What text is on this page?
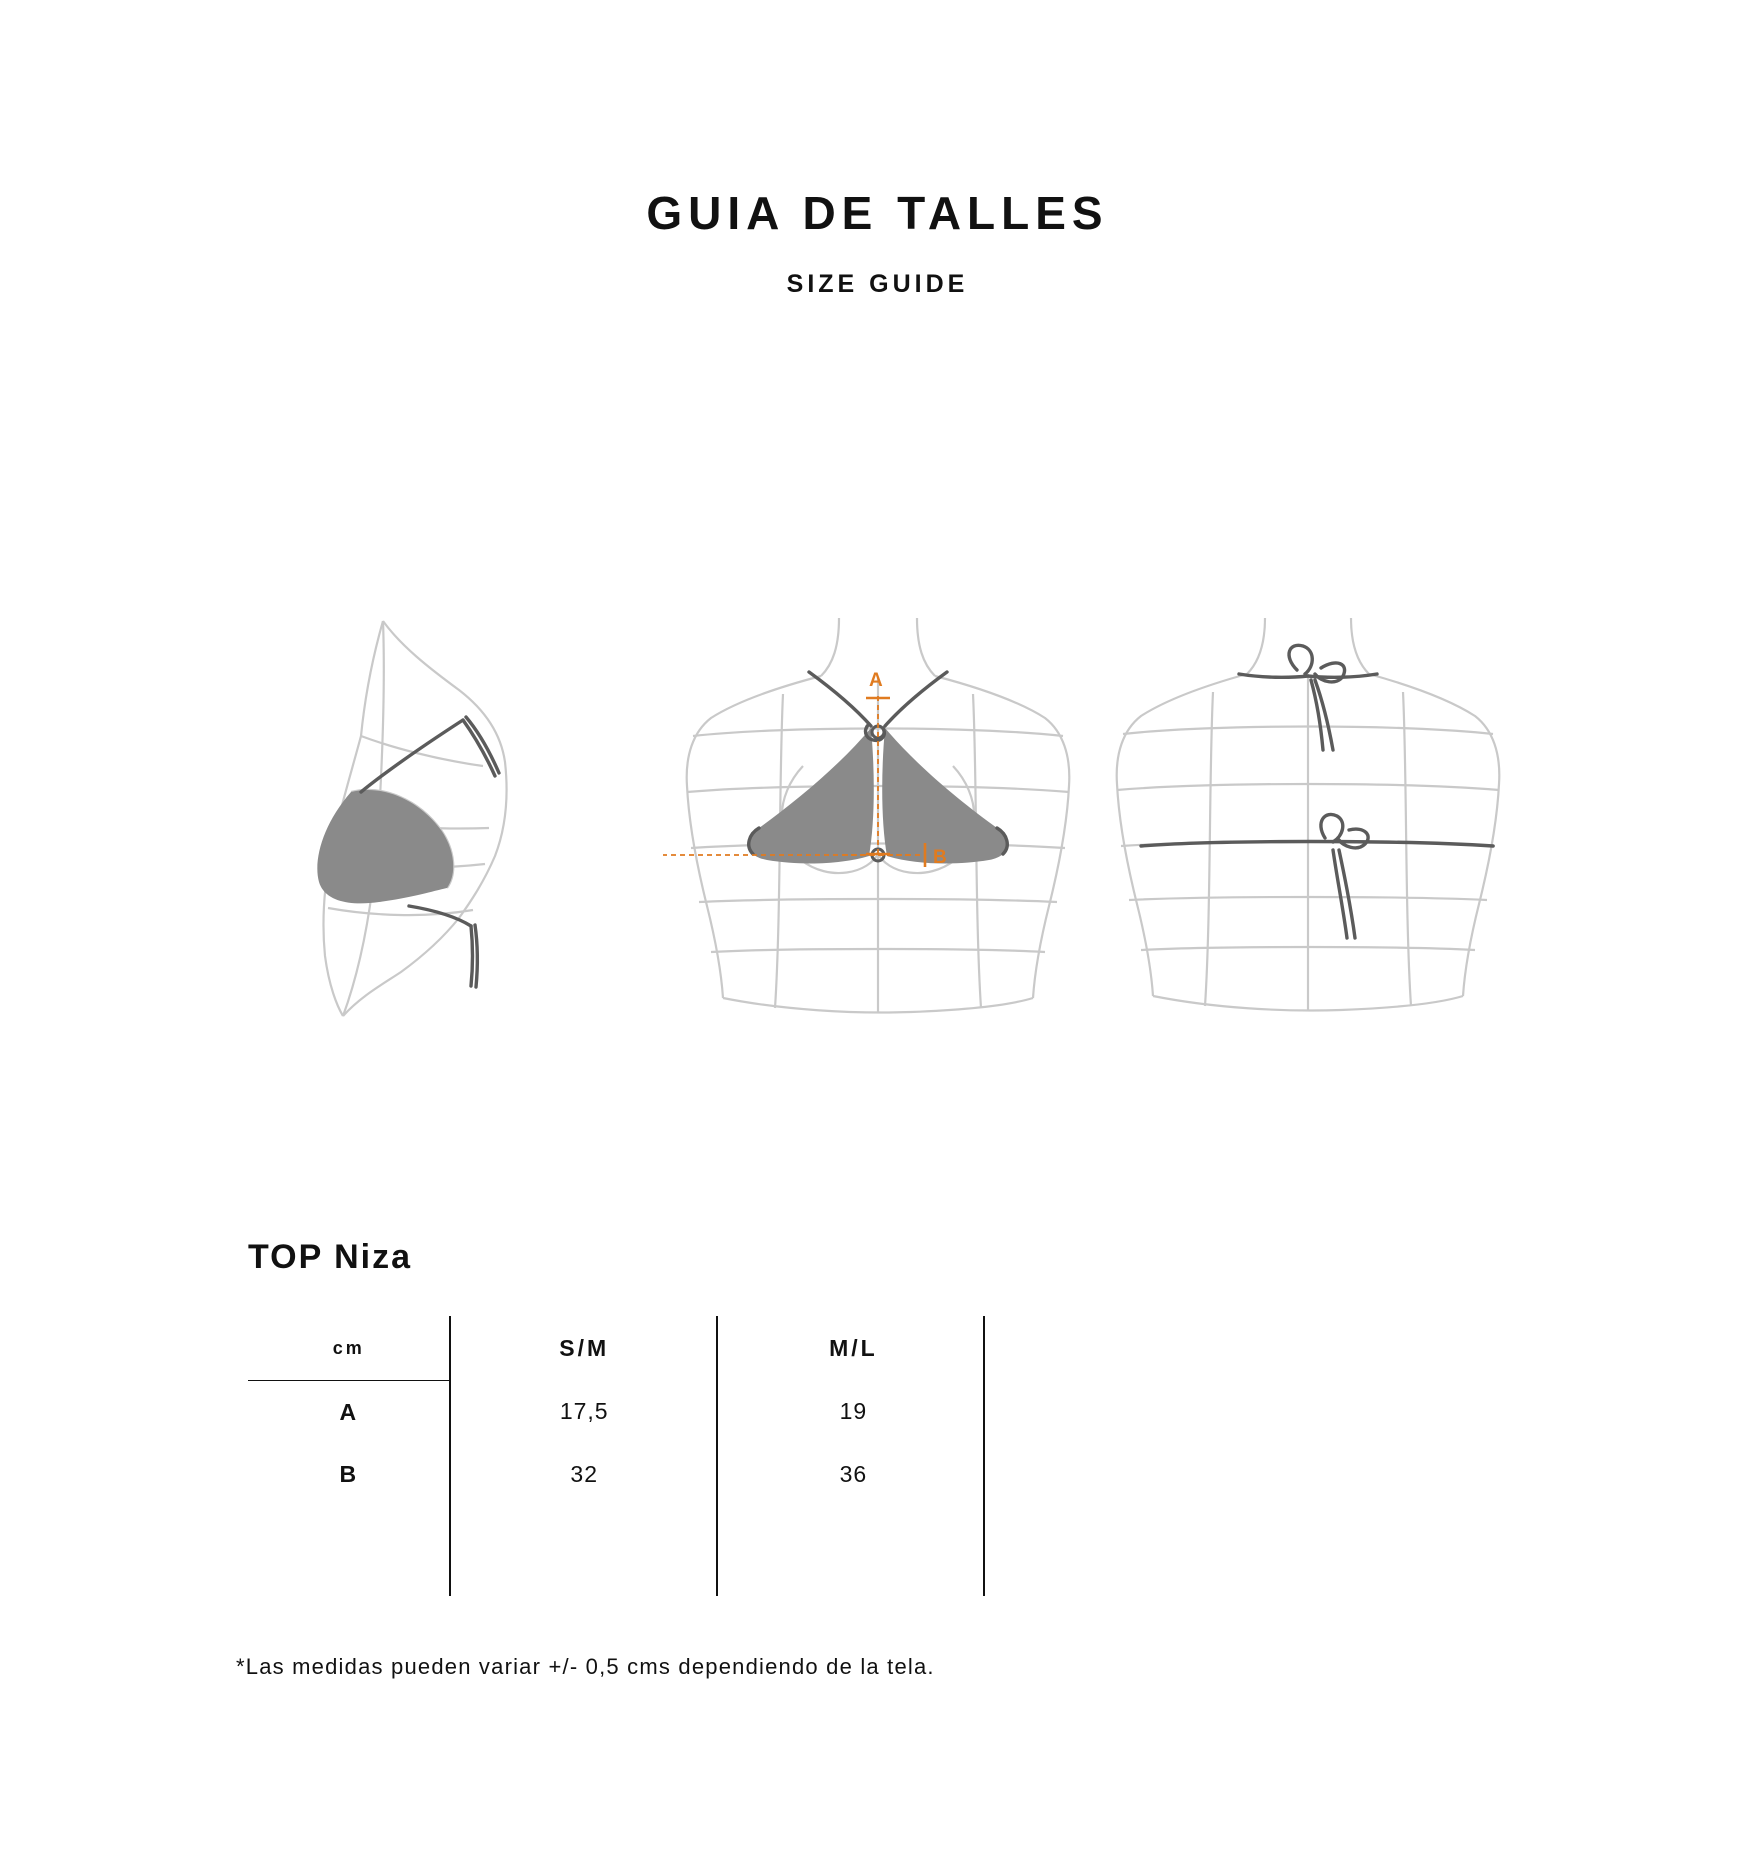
GUIA DE TALLES
SIZE GUIDE
A
B
TOP Niza
cm	S/M	M/L
A	17,5	19
B	32	36

*Las medidas pueden variar +/- 0,5 cms dependiendo de la tela.
